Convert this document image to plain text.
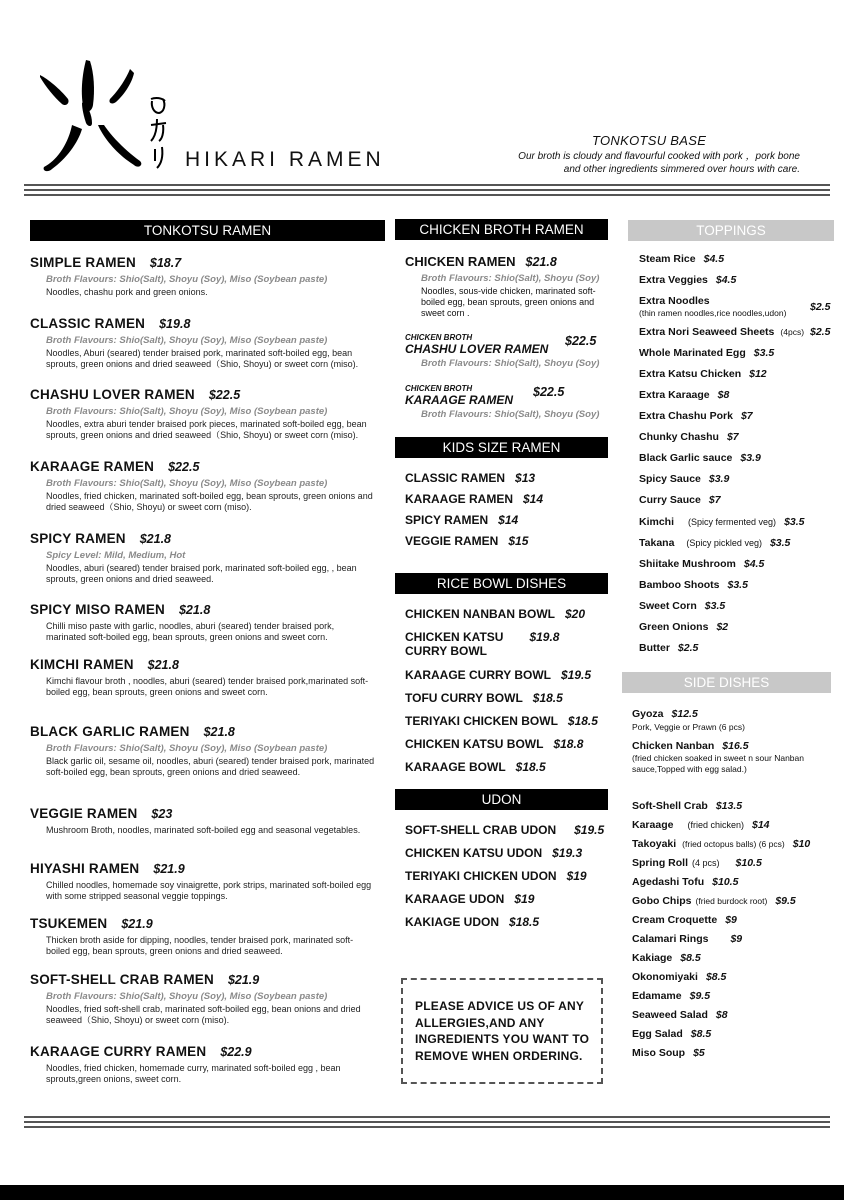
HIKARI RAMEN
TONKOTSU BASE
Our broth is cloudy and flavourful cooked with pork ，pork bone and other ingredients simmered over hours with care.
TONKOTSU RAMEN
SIMPLE RAMEN $18.7
Broth Flavours: Shio(Salt), Shoyu (Soy), Miso (Soybean paste)
Noodles, chashu pork and green onions.
CLASSIC RAMEN $19.8
Broth Flavours: Shio(Salt), Shoyu (Soy), Miso (Soybean paste)
Noodles, Aburi (seared) tender braised pork, marinated soft-boiled egg, bean sprouts, green onions and dried seaweed（Shio, Shoyu) or sweet corn (miso).
CHASHU LOVER RAMEN $22.5
Broth Flavours: Shio(Salt), Shoyu (Soy), Miso (Soybean paste)
Noodles, extra aburi tender braised pork pieces, marinated soft-boiled egg, bean sprouts, green onions and dried seaweed（Shio, Shoyu) or sweet corn (miso).
KARAAGE RAMEN $22.5
Broth Flavours: Shio(Salt), Shoyu (Soy), Miso (Soybean paste)
Noodles, fried chicken, marinated soft-boiled egg, bean sprouts, green onions and dried seaweed（Shio, Shoyu) or sweet corn (miso).
SPICY RAMEN $21.8
Spicy Level: Mild, Medium, Hot
Noodles, aburi (seared) tender braised pork, marinated soft-boiled egg, , bean sprouts, green onions and dried seaweed.
SPICY MISO RAMEN $21.8
Chilli miso paste with garlic, noodles, aburi (seared) tender braised pork, marinated soft-boiled egg, bean sprouts, green onions and sweet corn.
KIMCHI RAMEN $21.8
Kimchi flavour broth , noodles, aburi (seared) tender braised pork,marinated soft-boiled egg, bean sprouts, green onions and sweet corn.
BLACK GARLIC RAMEN $21.8
Broth Flavours: Shio(Salt), Shoyu (Soy), Miso (Soybean paste)
Black garlic oil, sesame oil, noodles, aburi (seared) tender braised pork, marinated soft-boiled egg, bean sprouts, green onions and dried seaweed.
VEGGIE RAMEN $23
Mushroom Broth, noodles, marinated soft-boiled egg and seasonal vegetables.
HIYASHI RAMEN $21.9
Chilled noodles, homemade soy vinaigrette, pork strips, marinated soft-boiled egg with some stripped seasonal veggie toppings.
TSUKEMEN $21.9
Thicken broth aside for dipping, noodles, tender braised pork, marinated soft-boiled egg, bean sprouts, green onions and dried seaweed.
SOFT-SHELL CRAB RAMEN $21.9
Broth Flavours: Shio(Salt), Shoyu (Soy), Miso (Soybean paste)
Noodles, fried soft-shell crab, marinated soft-boiled egg, bean onions and dried seaweed（Shio, Shoyu) or sweet corn (miso).
KARAAGE CURRY RAMEN $22.9
Noodles, fried chicken, homemade curry, marinated soft-boiled egg , bean sprouts,green onions, sweet corn.
CHICKEN BROTH RAMEN
CHICKEN RAMEN $21.8
Broth Flavours: Shio(Salt), Shoyu (Soy)
Noodles, sous-vide chicken, marinated soft-boiled egg, bean sprouts, green onions and sweet corn .
CHICKEN BROTH
CHASHU LOVER RAMEN
Broth Flavours: Shio(Salt), Shoyu (Soy)
$22.5
CHICKEN BROTH
KARAAGE RAMEN
Broth Flavours: Shio(Salt), Shoyu (Soy)
$22.5
KIDS SIZE RAMEN
CLASSIC RAMEN $13
KARAAGE RAMEN $14
SPICY RAMEN $14
VEGGIE RAMEN $15
RICE BOWL DISHES
CHICKEN NANBAN BOWL $20
CHICKEN KATSU $19.8
CURRY BOWL
KARAAGE CURRY BOWL $19.5
TOFU CURRY BOWL $18.5
TERIYAKI CHICKEN BOWL $18.5
CHICKEN KATSU BOWL $18.8
KARAAGE BOWL $18.5
UDON
SOFT-SHELL CRAB UDON $19.5
CHICKEN KATSU UDON $19.3
TERIYAKI CHICKEN UDON $19
KARAAGE UDON $19
KAKIAGE UDON $18.5
PLEASE ADVICE US OF ANY ALLERGIES,AND ANY INGREDIENTS YOU WANT TO REMOVE WHEN ORDERING.
TOPPINGS
Steam Rice $4.5
Extra Veggies $4.5
Extra Noodles
(thin ramen noodles,rice noodles,udon) $2.5
Extra Nori Seaweed Sheets (4pcs) $2.5
Whole Marinated Egg $3.5
Extra Katsu Chicken $12
Extra Karaage $8
Extra Chashu Pork $7
Chunky Chashu $7
Black Garlic sauce $3.9
Spicy Sauce $3.9
Curry Sauce $7
Kimchi (Spicy fermented veg) $3.5
Takana (Spicy pickled veg) $3.5
Shiitake Mushroom $4.5
Bamboo Shoots $3.5
Sweet Corn $3.5
Green Onions $2
Butter $2.5
SIDE DISHES
Gyoza $12.5
Pork, Veggie or Prawn (6 pcs)
Chicken Nanban $16.5
(fried chicken soaked in sweet n sour Nanban sauce,Topped with egg salad.)
Soft-Shell Crab $13.5
Karaage (fried chicken) $14
Takoyaki (fried octopus balls) (6 pcs) $10
Spring Roll (4 pcs) $10.5
Agedashi Tofu $10.5
Gobo Chips (fried burdock root) $9.5
Cream Croquette $9
Calamari Rings $9
Kakiage $8.5
Okonomiyaki $8.5
Edamame $9.5
Seaweed Salad $8
Egg Salad $8.5
Miso Soup $5
